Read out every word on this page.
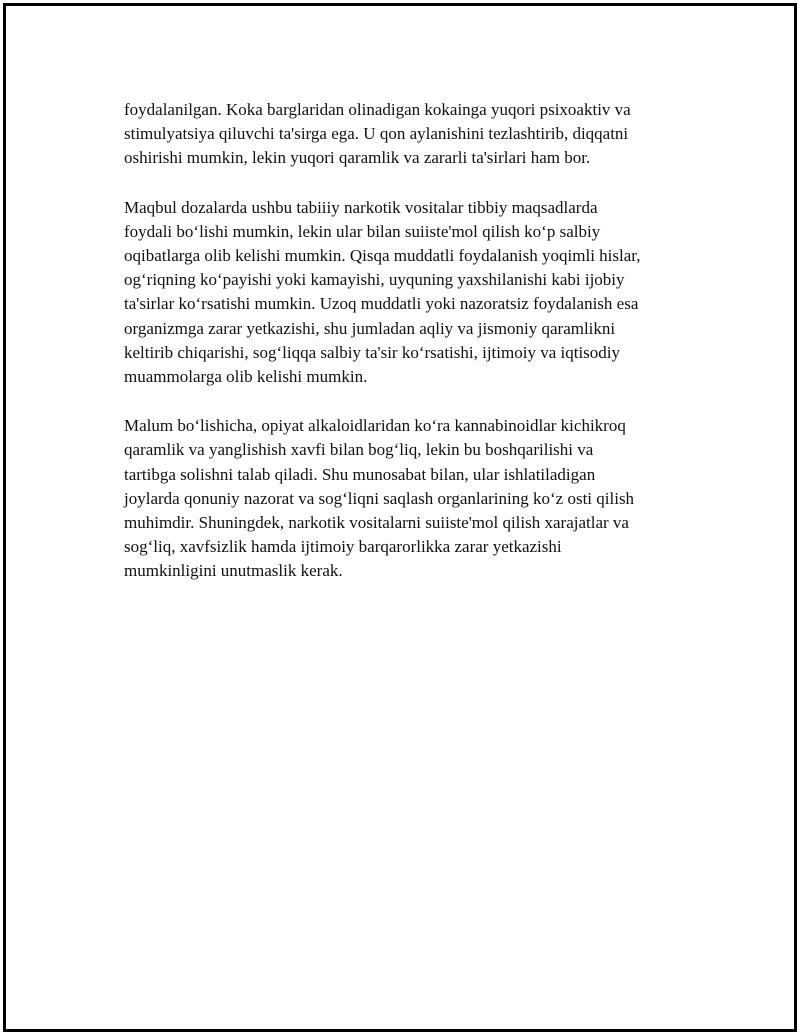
foydalanilgan. Koka barglaridan olinadigan kokainga yuqori psixoaktiv va
stimulyatsiya qiluvchi ta'sirga ega. U qon aylanishini tezlashtirib, diqqatni
oshirishi mumkin, lekin yuqori qaramlik va zararli ta'sirlari ham bor.

Maqbul dozalarda ushbu tabiiiy narkotik vositalar tibbiy maqsadlarda
foydali bo‘lishi mumkin, lekin ular bilan suiiste'mol qilish ko‘p salbiy
oqibatlarga olib kelishi mumkin. Qisqa muddatli foydalanish yoqimli hislar,
og‘riqning ko‘payishi yoki kamayishi, uyquning yaxshilanishi kabi ijobiy
ta'sirlar ko‘rsatishi mumkin. Uzoq muddatli yoki nazoratsiz foydalanish esa
organizmga zarar yetkazishi, shu jumladan aqliy va jismoniy qaramlikni
keltirib chiqarishi, sog‘liqqa salbiy ta'sir ko‘rsatishi, ijtimoiy va iqtisodiy
muammolarga olib kelishi mumkin.

Malum bo‘lishicha, opiyat alkaloidlaridan ko‘ra kannabinoidlar kichikroq
qaramlik va yanglishish xavfi bilan bog‘liq, lekin bu boshqarilishi va
tartibga solishni talab qiladi. Shu munosabat bilan, ular ishlatiladigan
joylarda qonuniy nazorat va sog‘liqni saqlash organlarining ko‘z osti qilish
muhimdir. Shuningdek, narkotik vositalarni suiiste'mol qilish xarajatlar va
sog‘liq, xavfsizlik hamda ijtimoiy barqarorlikka zarar yetkazishi
mumkinligini unutmaslik kerak.
